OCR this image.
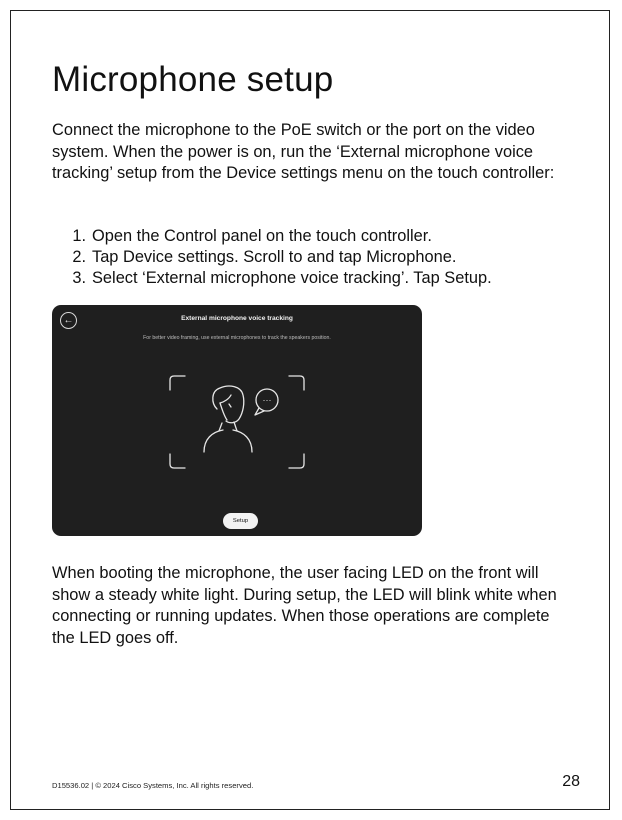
Microphone setup

Connect the microphone to the PoE switch or the port on the video system. When the power is on, run the ‘External microphone voice tracking’ setup from the Device settings menu on the touch controller:

1. Open the Control panel on the touch controller.
2. Tap Device settings. Scroll to and tap Microphone.
3. Select ‘External microphone voice tracking’. Tap Setup.
←	External microphone voice tracking
For better video framing, use external microphones to track the speakers position.
···
Setup

When booting the microphone, the user facing LED on the front will show a steady white light. During setup, the LED will blink white when connecting or running updates. When those operations are complete the LED goes off.

D15536.02 | © 2024 Cisco Systems, Inc. All rights reserved.	28
